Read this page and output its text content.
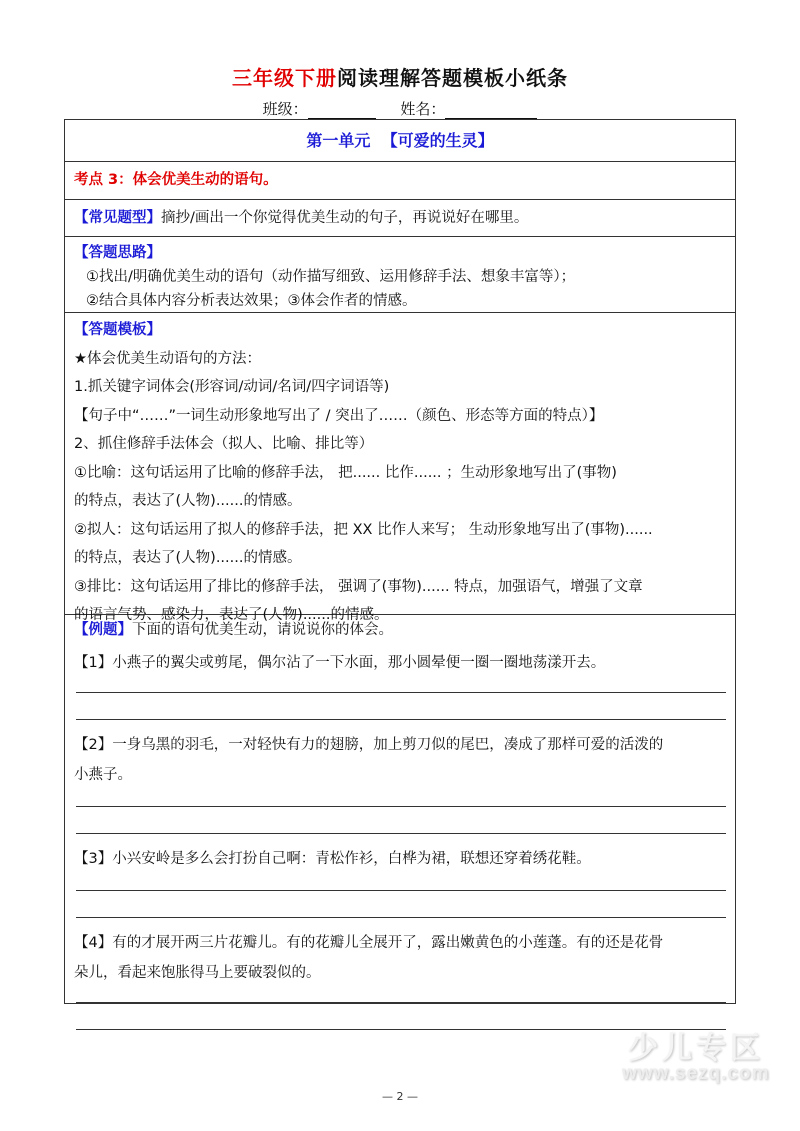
三年级下册阅读理解答题模板小纸条
班级：	姓名：
第一单元  【可爱的生灵】
考点 3：体会优美生动的语句。
【常见题型】摘抄/画出一个你觉得优美生动的句子，再说说好在哪里。
【答题思路】
①找出/明确优美生动的语句（动作描写细致、运用修辞手法、想象丰富等）；
②结合具体内容分析表达效果；③体会作者的情感。
【答题模板】
★体会优美生动语句的方法：
1.抓关键字词体会(形容词/动词/名词/四字词语等)
【句子中“……”一词生动形象地写出了 / 突出了……（颜色、形态等方面的特点）】
2、抓住修辞手法体会（拟人、比喻、排比等）
①比喻：这句话运用了比喻的修辞手法， 把...... 比作...... ；生动形象地写出了(事物)
的特点，表达了(人物)......的情感。
②拟人：这句话运用了拟人的修辞手法，把 XX 比作人来写； 生动形象地写出了(事物)......
的特点，表达了(人物)......的情感。
③排比：这句话运用了排比的修辞手法， 强调了(事物)...... 特点，加强语气，增强了文章
的语言气势、感染力，表达了(人物)......的情感。
【例题】下面的语句优美生动，请说说你的体会。
【1】小燕子的翼尖或剪尾，偶尔沾了一下水面，那小圆晕便一圈一圈地荡漾开去。
【2】一身乌黑的羽毛，一对轻快有力的翅膀，加上剪刀似的尾巴，凑成了那样可爱的活泼的
小燕子。
【3】小兴安岭是多么会打扮自己啊：青松作衫，白桦为裙，联想还穿着绣花鞋。
【4】有的才展开两三片花瓣儿。有的花瓣儿全展开了，露出嫩黄色的小莲蓬。有的还是花骨
朵儿，看起来饱胀得马上要破裂似的。
少儿专区
www.sezq.com
— 2 —
